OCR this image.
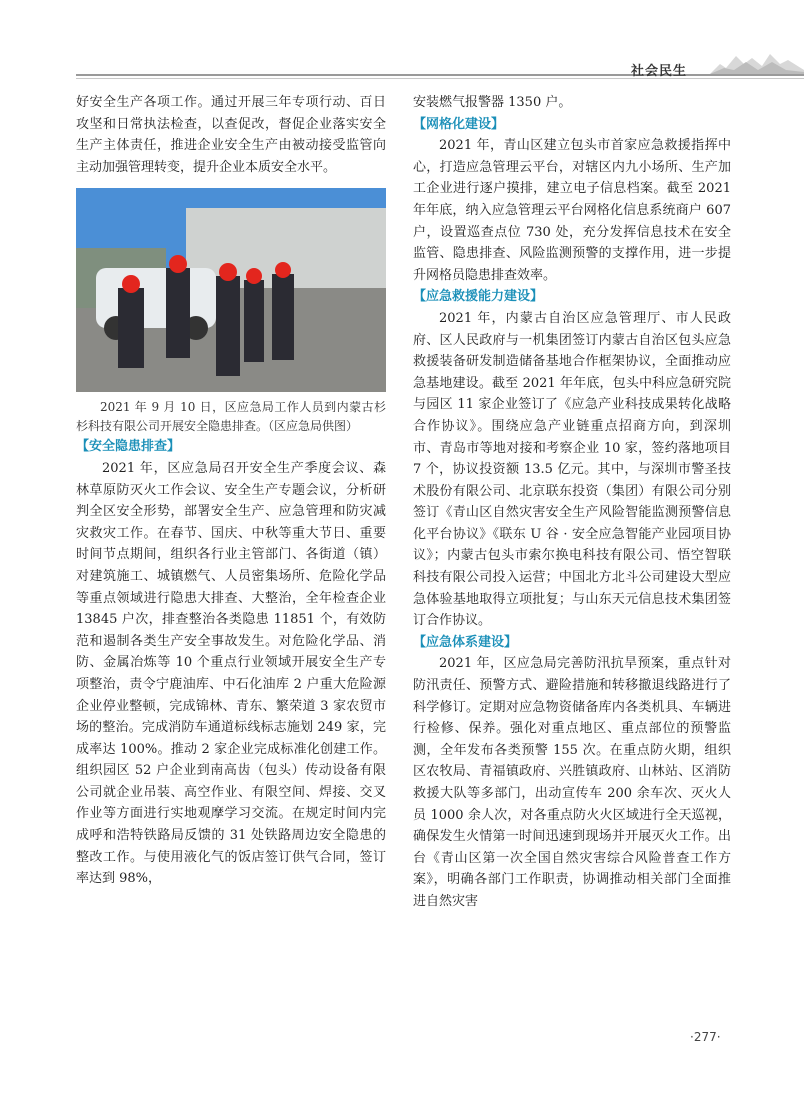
社会民生

好安全生产各项工作。通过开展三年专项行动、百日攻坚和日常执法检查，以查促改，督促企业落实安全生产主体责任，推进企业安全生产由被动接受监管向主动加强管理转变，提升企业本质安全水平。

2021 年 9 月 10 日，区应急局工作人员到内蒙古杉杉科技有限公司开展安全隐患排查。（区应急局供图）

【安全隐患排查】

2021 年，区应急局召开安全生产季度会议、森林草原防灭火工作会议、安全生产专题会议，分析研判全区安全形势，部署安全生产、应急管理和防灾减灾救灾工作。在春节、国庆、中秋等重大节日、重要时间节点期间，组织各行业主管部门、各街道（镇）对建筑施工、城镇燃气、人员密集场所、危险化学品等重点领域进行隐患大排查、大整治，全年检查企业 13845 户次，排查整治各类隐患 11851 个，有效防范和遏制各类生产安全事故发生。对危险化学品、消防、金属冶炼等 10 个重点行业领域开展安全生产专项整治，责令宁鹿油库、中石化油库 2 户重大危险源企业停业整顿，完成锦林、青东、繁荣道 3 家农贸市场的整治。完成消防车通道标线标志施划 249 家，完成率达 100%。推动 2 家企业完成标准化创建工作。组织园区 52 户企业到南高齿（包头）传动设备有限公司就企业吊装、高空作业、有限空间、焊接、交叉作业等方面进行实地观摩学习交流。在规定时间内完成呼和浩特铁路局反馈的 31 处铁路周边安全隐患的整改工作。与使用液化气的饭店签订供气合同，签订率达到 98%，

安装燃气报警器 1350 户。

【网格化建设】

2021 年，青山区建立包头市首家应急救援指挥中心，打造应急管理云平台，对辖区内九小场所、生产加工企业进行逐户摸排，建立电子信息档案。截至 2021 年年底，纳入应急管理云平台网格化信息系统商户 607 户，设置巡查点位 730 处，充分发挥信息技术在安全监管、隐患排查、风险监测预警的支撑作用，进一步提升网格员隐患排查效率。

【应急救援能力建设】

2021 年，内蒙古自治区应急管理厅、市人民政府、区人民政府与一机集团签订内蒙古自治区包头应急救援装备研发制造储备基地合作框架协议，全面推动应急基地建设。截至 2021 年年底，包头中科应急研究院与园区 11 家企业签订了《应急产业科技成果转化战略合作协议》。围绕应急产业链重点招商方向，到深圳市、青岛市等地对接和考察企业 10 家，签约落地项目 7 个，协议投资额 13.5 亿元。其中，与深圳市警圣技术股份有限公司、北京联东投资（集团）有限公司分别签订《青山区自然灾害安全生产风险智能监测预警信息化平台协议》《联东 U 谷 · 安全应急智能产业园项目协议》；内蒙古包头市索尔换电科技有限公司、悟空智联科技有限公司投入运营；中国北方北斗公司建设大型应急体验基地取得立项批复；与山东天元信息技术集团签订合作协议。

【应急体系建设】

2021 年，区应急局完善防汛抗旱预案，重点针对防汛责任、预警方式、避险措施和转移撤退线路进行了科学修订。定期对应急物资储备库内各类机具、车辆进行检修、保养。强化对重点地区、重点部位的预警监测，全年发布各类预警 155 次。在重点防火期，组织区农牧局、青福镇政府、兴胜镇政府、山林站、区消防救援大队等多部门，出动宣传车 200 余车次、灭火人员 1000 余人次，对各重点防火火区域进行全天巡视，确保发生火情第一时间迅速到现场并开展灭火工作。出台《青山区第一次全国自然灾害综合风险普查工作方案》，明确各部门工作职责，协调推动相关部门全面推进自然灾害

·277·
